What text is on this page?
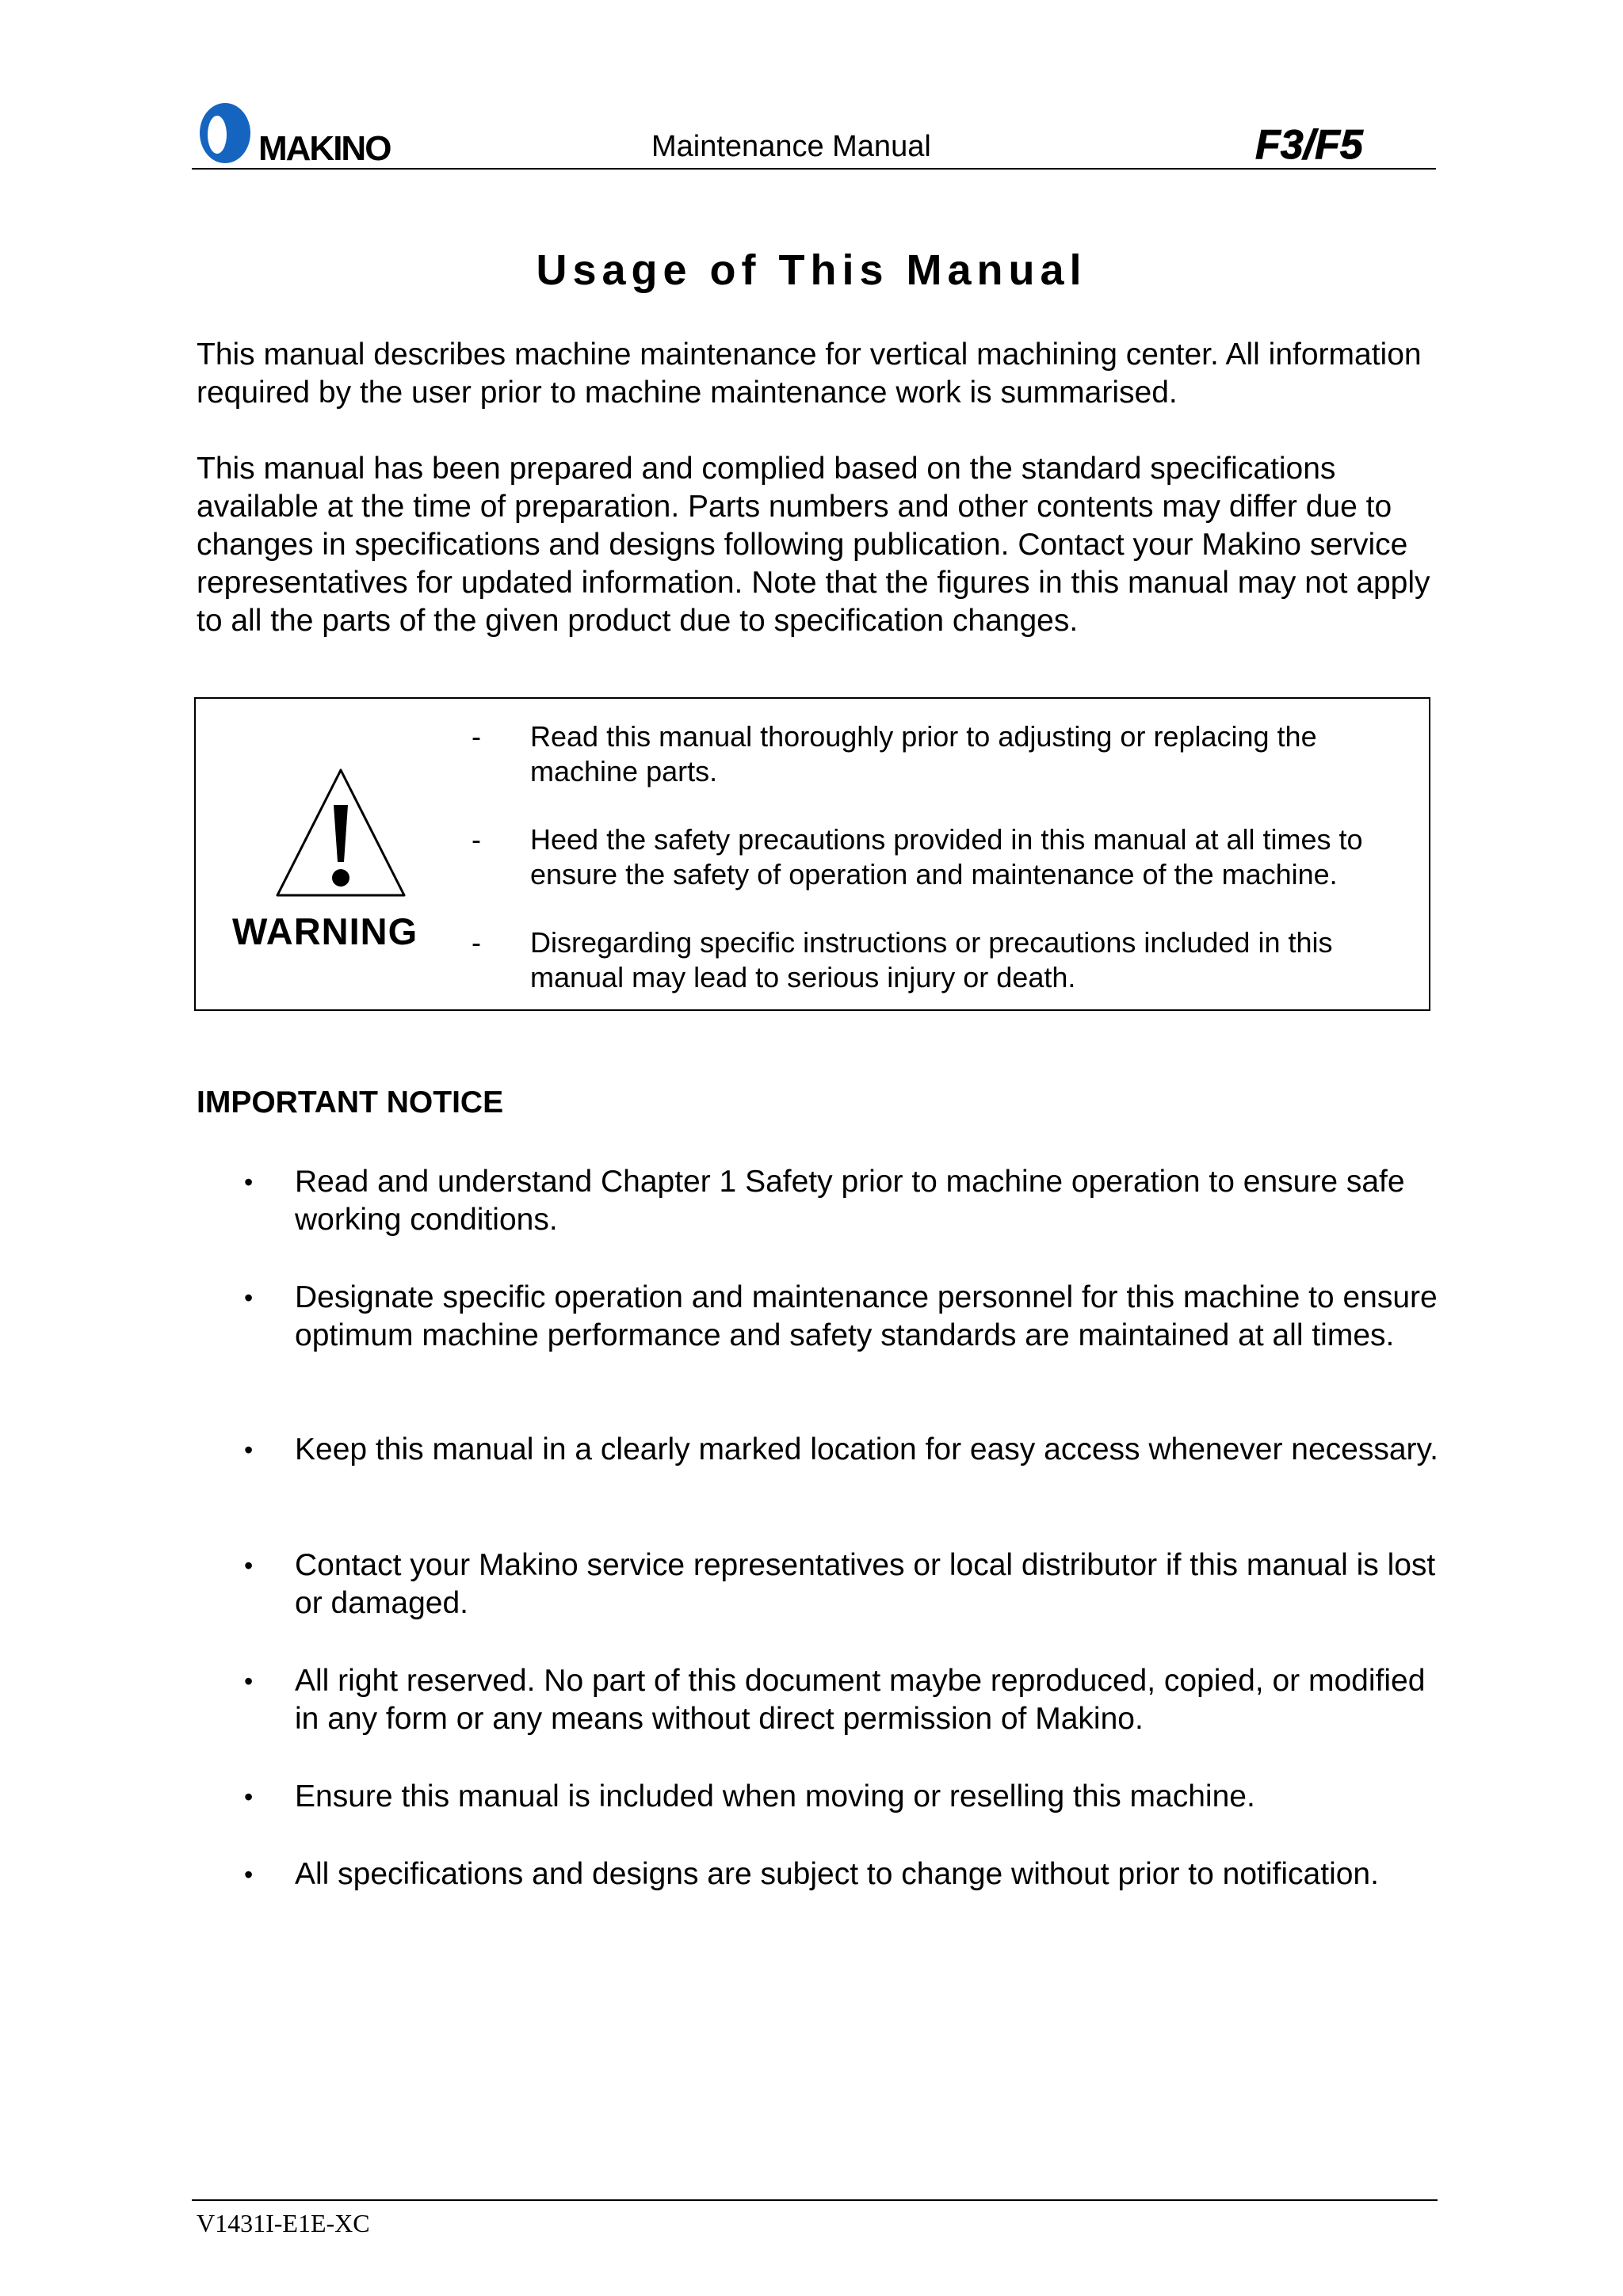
MAKINO	Maintenance Manual	F3/F5
Usage of This Manual

This manual describes machine maintenance for vertical machining center. All information required by the user prior to machine maintenance work is summarised.

This manual has been prepared and complied based on the standard specifications available at the time of preparation. Parts numbers and other contents may differ due to changes in specifications and designs following publication. Contact your Makino service representatives for updated information. Note that the figures in this manual may not apply to all the parts of the given product due to specification changes.

WARNING
- Read this manual thoroughly prior to adjusting or replacing the machine parts.
- Heed the safety precautions provided in this manual at all times to ensure the safety of operation and maintenance of the machine.
- Disregarding specific instructions or precautions included in this manual may lead to serious injury or death.
IMPORTANT NOTICE
• Read and understand Chapter 1 Safety prior to machine operation to ensure safe working conditions.
• Designate specific operation and maintenance personnel for this machine to ensure optimum machine performance and safety standards are maintained at all times.
• Keep this manual in a clearly marked location for easy access whenever necessary.
• Contact your Makino service representatives or local distributor if this manual is lost or damaged.
• All right reserved. No part of this document maybe reproduced, copied, or modified in any form or any means without direct permission of Makino.
• Ensure this manual is included when moving or reselling this machine.
• All specifications and designs are subject to change without prior to notification.
V1431I-E1E-XC
